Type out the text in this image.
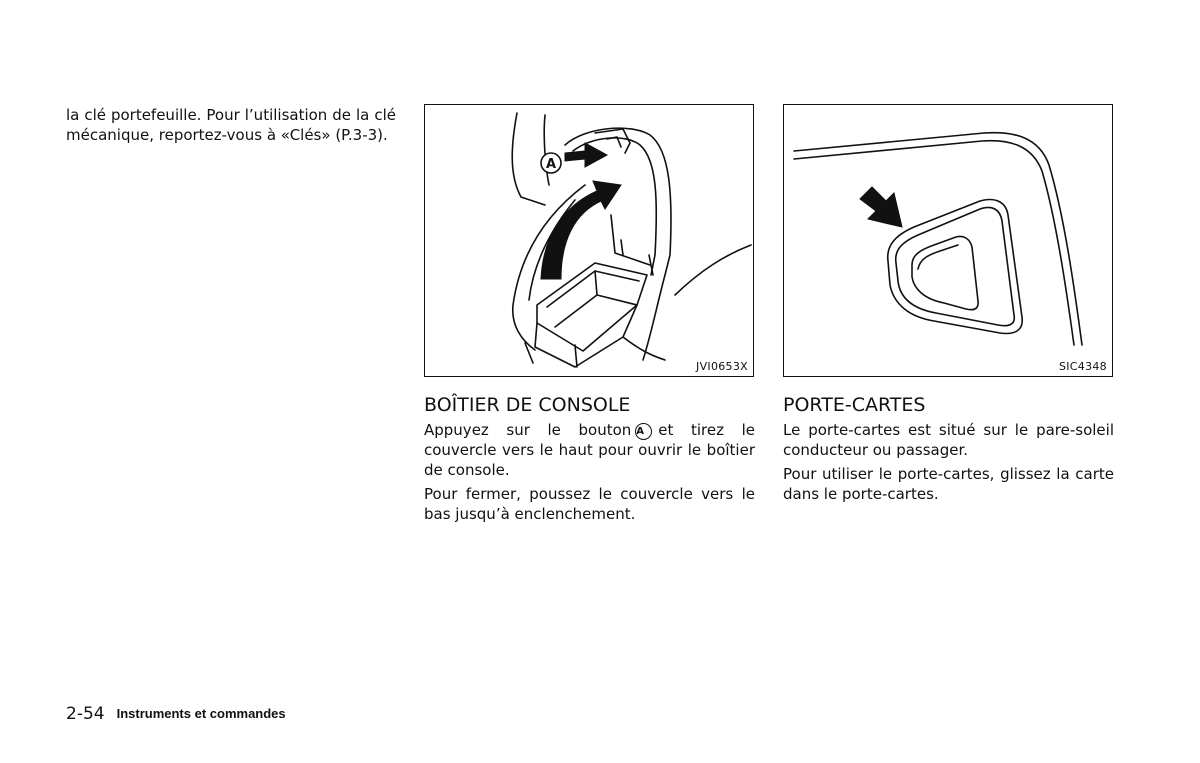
la clé portefeuille. Pour l’utilisation de la clé mécanique, reportez-vous à «Clés» (P.3-3).
A
JVI0653X	SIC4348
BOÎTIER DE CONSOLE
Appuyez sur le bouton A et tirez le couvercle vers le haut pour ouvrir le boîtier de console.
Pour fermer, poussez le couvercle vers le bas jusqu’à enclenchement.
PORTE-CARTES
Le porte-cartes est situé sur le pare-soleil conducteur ou passager.
Pour utiliser le porte-cartes, glissez la carte dans le porte-cartes.
2-54 Instruments et commandes
